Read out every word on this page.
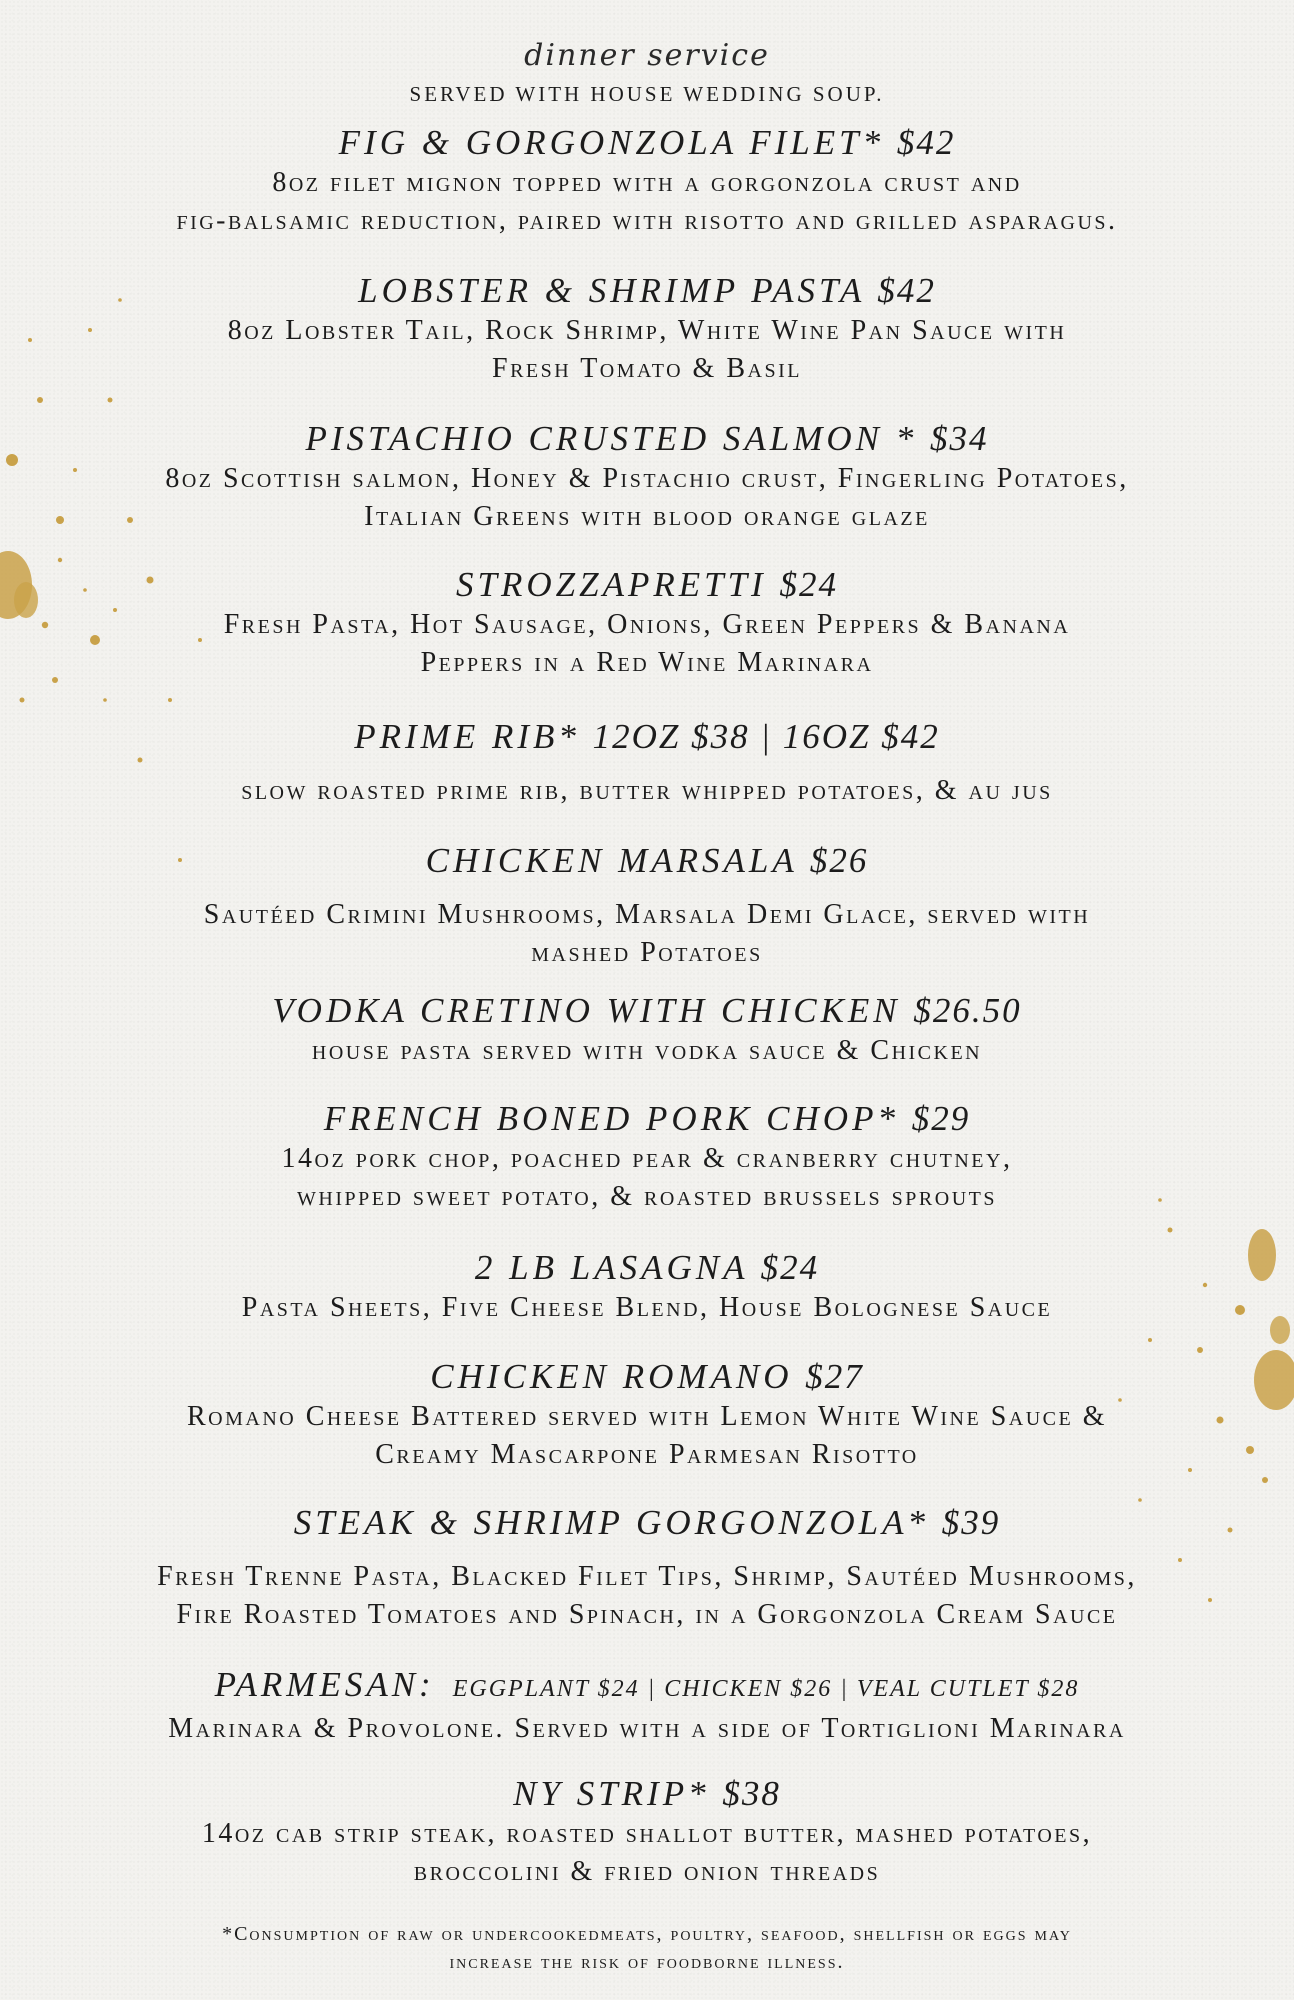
dinner service
SERVED WITH HOUSE WEDDING SOUP.
FIG & GORGONZOLA FILET* $42
8oz filet mignon topped with a gorgonzola crust and
fig-balsamic reduction, paired with risotto and grilled asparagus.
LOBSTER & SHRIMP PASTA $42
8oz Lobster Tail, Rock Shrimp, White Wine Pan Sauce with
Fresh Tomato & Basil
PISTACHIO CRUSTED SALMON * $34
8oz Scottish salmon, Honey & Pistachio crust, Fingerling Potatoes,
Italian Greens with blood orange glaze
STROZZAPRETTI $24
Fresh Pasta, Hot Sausage, Onions, Green Peppers & Banana
Peppers in a Red Wine Marinara
PRIME RIB* 12OZ $38 | 16OZ $42
slow roasted prime rib, butter whipped potatoes, & au jus
CHICKEN MARSALA $26
Sautéed Crimini Mushrooms, Marsala Demi Glace, served with
mashed Potatoes
VODKA CRETINO WITH CHICKEN $26.50
house pasta served with vodka sauce & Chicken
FRENCH BONED PORK CHOP* $29
14oz pork chop, poached pear & cranberry chutney,
whipped sweet potato, & roasted brussels sprouts
2 LB LASAGNA $24
Pasta Sheets, Five Cheese Blend, House Bolognese Sauce
CHICKEN ROMANO $27
Romano Cheese Battered served with Lemon White Wine Sauce &
Creamy Mascarpone Parmesan Risotto
STEAK & SHRIMP GORGONZOLA* $39
Fresh Trenne Pasta, Blacked Filet Tips, Shrimp, Sautéed Mushrooms,
Fire Roasted Tomatoes and Spinach, in a Gorgonzola Cream Sauce
PARMESAN: EGGPLANT $24 | CHICKEN $26 | VEAL CUTLET $28
Marinara & Provolone. Served with a side of Tortiglioni Marinara
NY STRIP* $38
14oz cab strip steak, roasted shallot butter, mashed potatoes,
broccolini & fried onion threads
*Consumption of raw or undercookedmeats, poultry, seafood, shellfish or eggs may
increase the risk of foodborne illness.
